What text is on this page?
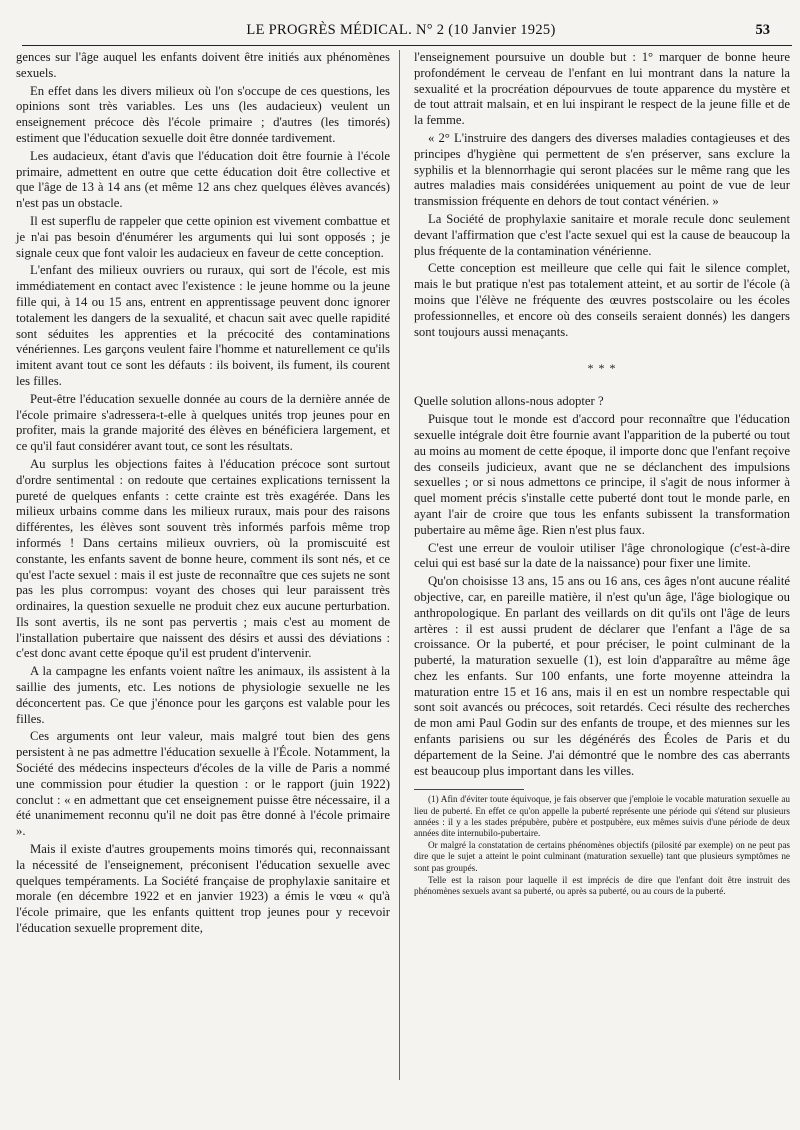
LE PROGRÈS MÉDICAL. N° 2 (10 Janvier 1925)	53

gences sur l'âge auquel les enfants doivent être initiés aux phénomènes sexuels.

En effet dans les divers milieux où l'on s'occupe de ces questions, les opinions sont très variables. Les uns (les audacieux) veulent un enseignement précoce dès l'école primaire ; d'autres (les timorés) estiment que l'éducation sexuelle doit être donnée tardivement.

Les audacieux, étant d'avis que l'éducation doit être fournie à l'école primaire, admettent en outre que cette éducation doit être collective et que l'âge de 13 à 14 ans (et même 12 ans chez quelques élèves avancés) n'est pas un obstacle.

Il est superflu de rappeler que cette opinion est vivement combattue et je n'ai pas besoin d'énumérer les arguments qui lui sont opposés ; je signale ceux que font valoir les audacieux en faveur de cette conception.

L'enfant des milieux ouvriers ou ruraux, qui sort de l'école, est mis immédiatement en contact avec l'existence : le jeune homme ou la jeune fille qui, à 14 ou 15 ans, entrent en apprentissage peuvent donc ignorer totalement les dangers de la sexualité, et chacun sait avec quelle rapidité sont séduites les apprenties et la précocité des contaminations vénériennes. Les garçons veulent faire l'homme et naturellement ce qu'ils imitent avant tout ce sont les défauts : ils boivent, ils fument, ils courent les filles.

Peut-être l'éducation sexuelle donnée au cours de la dernière année de l'école primaire s'adressera-t-elle à quelques unités trop jeunes pour en profiter, mais la grande majorité des élèves en bénéficiera largement, et ce qu'il faut considérer avant tout, ce sont les résultats.

Au surplus les objections faites à l'éducation précoce sont surtout d'ordre sentimental : on redoute que certaines explications ternissent la pureté de quelques enfants : cette crainte est très exagérée. Dans les milieux urbains comme dans les milieux ruraux, mais pour des raisons différentes, les élèves sont souvent très informés parfois même trop informés ! Dans certains milieux ouvriers, où la promiscuité est constante, les enfants savent de bonne heure, comment ils sont nés, et ce qu'est l'acte sexuel : mais il est juste de reconnaître que ces sujets ne sont pas les plus corrompus: voyant des choses qui leur paraissent très ordinaires, la question sexuelle ne produit chez eux aucune perturbation. Ils sont avertis, ils ne sont pas pervertis ; mais c'est au moment de l'installation pubertaire que naissent des désirs et aussi des déviations : c'est donc avant cette époque qu'il est prudent d'intervenir.

A la campagne les enfants voient naître les animaux, ils assistent à la saillie des juments, etc. Les notions de physiologie sexuelle ne les déconcertent pas. Ce que j'énonce pour les garçons est valable pour les filles.

Ces arguments ont leur valeur, mais malgré tout bien des gens persistent à ne pas admettre l'éducation sexuelle à l'École. Notamment, la Société des médecins inspecteurs d'écoles de la ville de Paris a nommé une commission pour étudier la question : or le rapport (juin 1922) conclut : « en admettant que cet enseignement puisse être nécessaire, il a été unanimement reconnu qu'il ne doit pas être donné à l'école primaire ».

Mais il existe d'autres groupements moins timorés qui, reconnaissant la nécessité de l'enseignement, préconisent l'éducation sexuelle avec quelques tempéraments. La Société française de prophylaxie sanitaire et morale (en décembre 1922 et en janvier 1923) a émis le vœu « qu'à l'école primaire, que les enfants quittent trop jeunes pour y recevoir l'éducation sexuelle proprement dite,

l'enseignement poursuive un double but : 1° marquer de bonne heure profondément le cerveau de l'enfant en lui montrant dans la nature la sexualité et la procréation dépourvues de toute apparence du mystère et de tout attrait malsain, et en lui inspirant le respect de la jeune fille et de la femme.

« 2° L'instruire des dangers des diverses maladies contagieuses et des principes d'hygiène qui permettent de s'en préserver, sans exclure la syphilis et la blennorrhagie qui seront placées sur le même rang que les autres maladies mais considérées uniquement au point de vue de leur transmission fréquente en dehors de tout contact vénérien. »

La Société de prophylaxie sanitaire et morale recule donc seulement devant l'affirmation que c'est l'acte sexuel qui est la cause de beaucoup la plus fréquente de la contamination vénérienne.

Cette conception est meilleure que celle qui fait le silence complet, mais le but pratique n'est pas totalement atteint, et au sortir de l'école (à moins que l'élève ne fréquente des œuvres postscolaire ou les écoles professionnelles, et encore où des conseils seraient donnés) les dangers sont toujours aussi menaçants.

* * *

Quelle solution allons-nous adopter ?

Puisque tout le monde est d'accord pour reconnaître que l'éducation sexuelle intégrale doit être fournie avant l'apparition de la puberté ou tout au moins au moment de cette époque, il importe donc que l'enfant reçoive des conseils judicieux, avant que ne se déclanchent des impulsions sexuelles ; or si nous admettons ce principe, il s'agit de nous informer à quel moment précis s'installe cette puberté dont tout le monde parle, en ayant l'air de croire que tous les enfants subissent la transformation pubertaire au même âge. Rien n'est plus faux.

C'est une erreur de vouloir utiliser l'âge chronologique (c'est-à-dire celui qui est basé sur la date de la naissance) pour fixer une limite.

Qu'on choisisse 13 ans, 15 ans ou 16 ans, ces âges n'ont aucune réalité objective, car, en pareille matière, il n'est qu'un âge, l'âge biologique ou anthropologique. En parlant des veillards on dit qu'ils ont l'âge de leurs artères : il est aussi prudent de déclarer que l'enfant a l'âge de sa croissance. Or la puberté, et pour préciser, le point culminant de la puberté, la maturation sexuelle (1), est loin d'apparaître au même âge chez les enfants. Sur 100 enfants, une forte moyenne atteindra la maturation entre 15 et 16 ans, mais il en est un nombre respectable qui sont soit avancés ou précoces, soit retardés. Ceci résulte des recherches de mon ami Paul Godin sur des enfants de troupe, et des miennes sur les enfants parisiens ou sur les dégénérés des Écoles de Paris et du département de la Seine. J'ai démontré que le nombre des cas aberrants est beaucoup plus important dans les villes.

(1) Afin d'éviter toute équivoque, je fais observer que j'emploie le vocable maturation sexuelle au lieu de puberté. En effet ce qu'on appelle la puberté représente une période qui s'étend sur plusieurs années : il y a les stades prépubère, pubère et postpubère, eux mêmes suivis d'une période de deux années dite internubilo-pubertaire.

Or malgré la constatation de certains phénomènes objectifs (pilosité par exemple) on ne peut pas dire que le sujet a atteint le point culminant (maturation sexuelle) tant que plusieurs symptômes ne sont pas groupés.

Telle est la raison pour laquelle il est imprécis de dire que l'enfant doit être instruit des phénomènes sexuels avant sa puberté, ou après sa puberté, ou au cours de la puberté.
